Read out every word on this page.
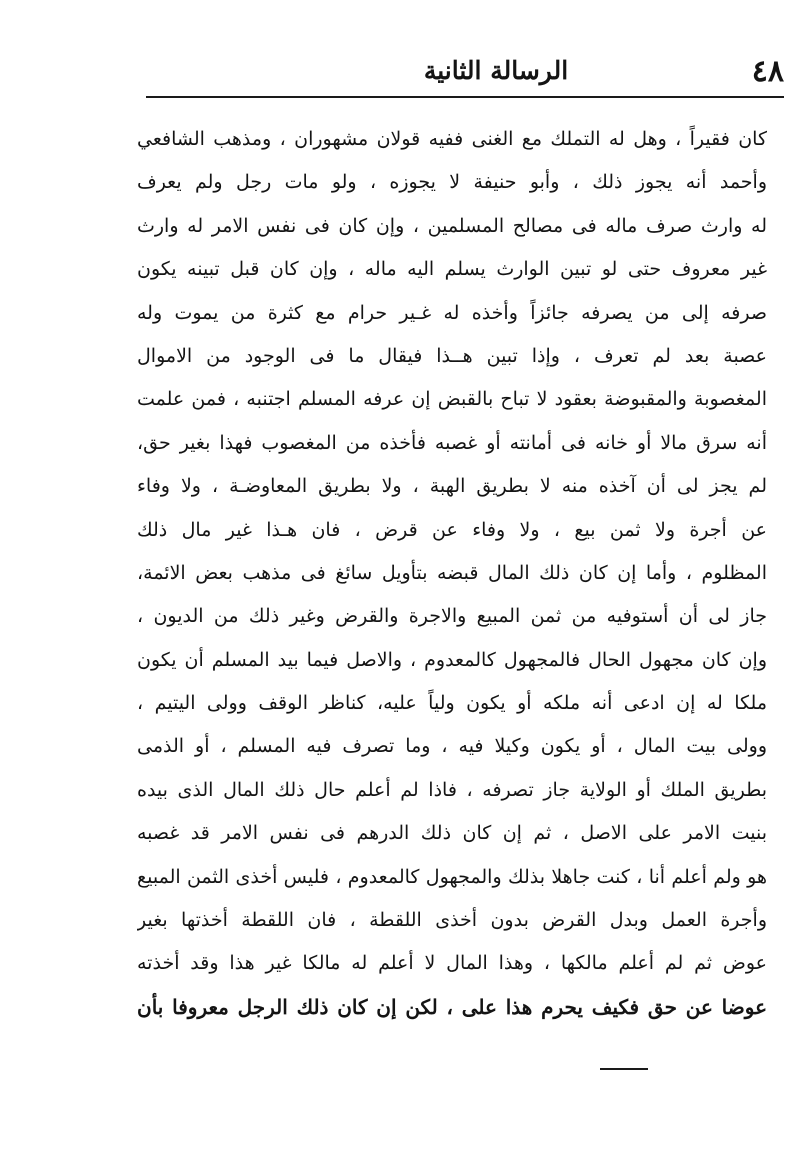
٤٨
الرسالة الثانية
كان فقيراً ، وهل له التملك مع الغنى ففيه قولان مشهوران ، ومذهب الشافعي
وأحمد أنه يجوز ذلك ، وأبو حنيفة لا يجوزه ، ولو مات رجل ولم يعرف
له وارث صرف ماله فى مصالح المسلمين ، وإن كان فى نفس الامر له وارث
غير معروف حتى لو تبين الوارث يسلم اليه ماله ، وإن كان قبل تبينه يكون
صرفه إلى من يصرفه جائزاً وأخذه له غـير حرام مع كثرة من يموت وله
عصبة بعد لم تعرف ، وإذا تبين هــذا فيقال ما فى الوجود من الاموال
المغصوبة والمقبوضة بعقود لا تباح بالقبض إن عرفه المسلم اجتنبه ، فمن علمت
أنه سرق مالا أو خانه فى أمانته أو غصبه فأخذه من المغصوب فهذا بغير حق،
لم يجز لى أن آخذه منه لا بطريق الهبة ، ولا بطريق المعاوضـة ، ولا وفاء
عن أجرة ولا ثمن بيع ، ولا وفاء عن قرض ، فان هـذا غير مال ذلك
المظلوم ، وأما إن كان ذلك المال قبضه بتأويل سائغ فى مذهب بعض الائمة،
جاز لى أن أستوفيه من ثمن المبيع والاجرة والقرض وغير ذلك من الديون ،
وإن كان مجهول الحال فالمجهول كالمعدوم ، والاصل فيما بيد المسلم أن يكون
ملكا له إن ادعى أنه ملكه أو يكون ولياً عليه، كناظر الوقف وولى اليتيم ،
وولى بيت المال ، أو يكون وكيلا فيه ، وما تصرف فيه المسلم ، أو الذمى
بطريق الملك أو الولاية جاز تصرفه ، فاذا لم أعلم حال ذلك المال الذى بيده
بنيت الامر على الاصل ، ثم إن كان ذلك الدرهم فى نفس الامر قد غصبه
هو ولم أعلم أنا ، كنت جاهلا بذلك والمجهول كالمعدوم ، فليس أخذى الثمن المبيع
وأجرة العمل وبدل القرض بدون أخذى اللقطة ، فان اللقطة أخذتها بغير
عوض ثم لم أعلم مالكها ، وهذا المال لا أعلم له مالكا غير هذا وقد أخذته
عوضا عن حق فكيف يحرم هذا على ، لكن إن كان ذلك الرجل معروفا بأن
